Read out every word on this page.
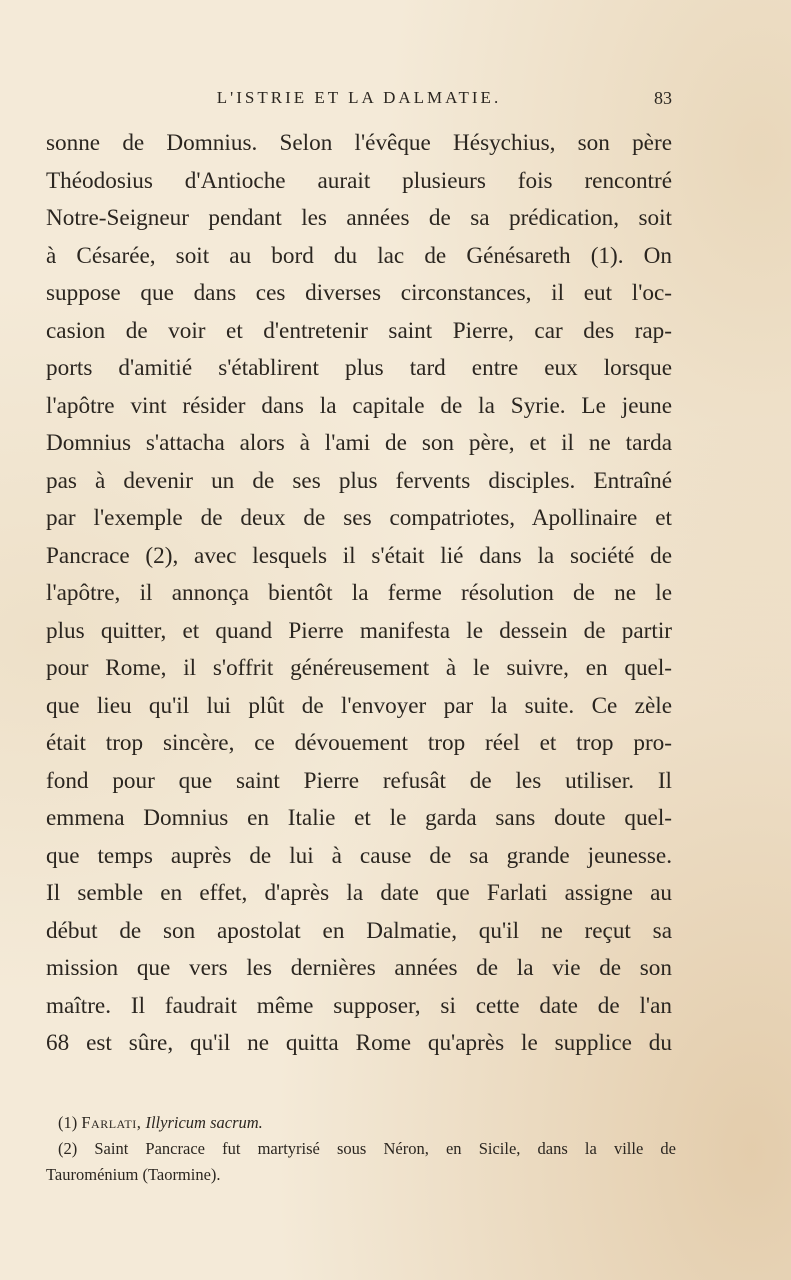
L'ISTRIE ET LA DALMATIE.	83
sonne de Domnius. Selon l'évêque Hésychius, son père
Théodosius d'Antioche aurait plusieurs fois rencontré
Notre-Seigneur pendant les années de sa prédication, soit
à Césarée, soit au bord du lac de Génésareth (1). On
suppose que dans ces diverses circonstances, il eut l'oc-
casion de voir et d'entretenir saint Pierre, car des rap-
ports d'amitié s'établirent plus tard entre eux lorsque
l'apôtre vint résider dans la capitale de la Syrie. Le jeune
Domnius s'attacha alors à l'ami de son père, et il ne tarda
pas à devenir un de ses plus fervents disciples. Entraîné
par l'exemple de deux de ses compatriotes, Apollinaire et
Pancrace (2), avec lesquels il s'était lié dans la société de
l'apôtre, il annonça bientôt la ferme résolution de ne le
plus quitter, et quand Pierre manifesta le dessein de partir
pour Rome, il s'offrit généreusement à le suivre, en quel-
que lieu qu'il lui plût de l'envoyer par la suite. Ce zèle
était trop sincère, ce dévouement trop réel et trop pro-
fond pour que saint Pierre refusât de les utiliser. Il
emmena Domnius en Italie et le garda sans doute quel-
que temps auprès de lui à cause de sa grande jeunesse.
Il semble en effet, d'après la date que Farlati assigne au
début de son apostolat en Dalmatie, qu'il ne reçut sa
mission que vers les dernières années de la vie de son
maître. Il faudrait même supposer, si cette date de l'an
68 est sûre, qu'il ne quitta Rome qu'après le supplice du
(1) Farlati, Illyricum sacrum.
(2) Saint Pancrace fut martyrisé sous Néron, en Sicile, dans la ville de
Tauroménium (Taormine).
